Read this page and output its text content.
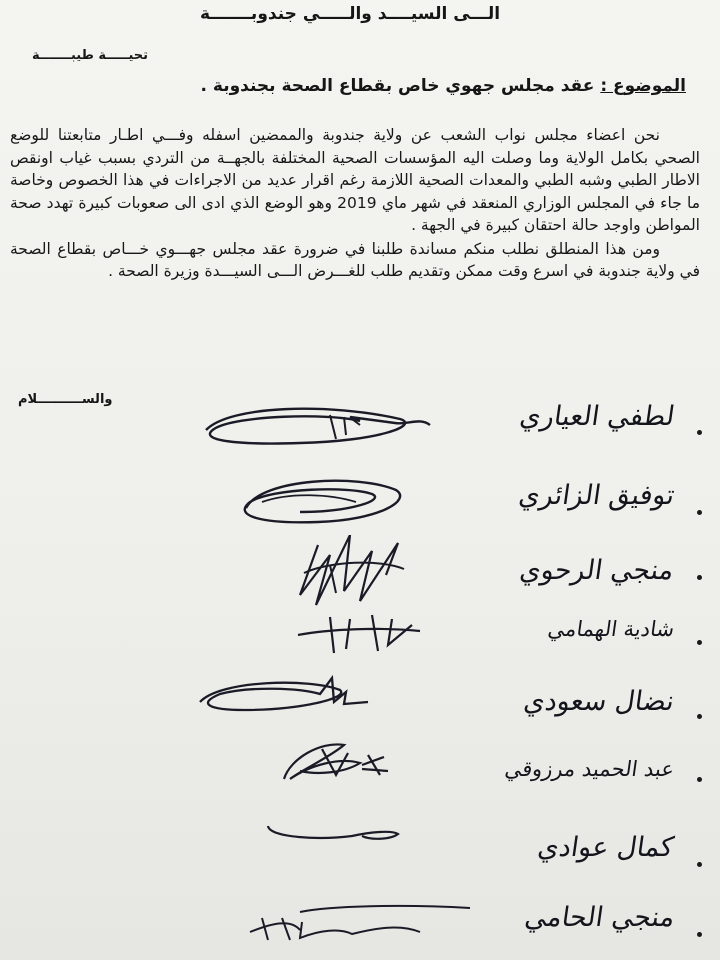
الـــى السيــــد والـــــي جندوبـــــــة
تحيـــــة طيبـــــــة
الموضوع : عقد مجلس جهوي خاص بقطاع الصحة بجندوبة .

نحن اعضاء مجلس نواب الشعب عن ولاية جندوبة والممضين اسفله وفـــي اطـار متابعتنا للوضع الصحي بكامل الولاية وما وصلت اليه المؤسسات الصحية المختلفة بالجهــة من التردي بسبب غياب اونقص الاطار الطبي وشبه الطبي والمعدات الصحية اللازمة رغم اقرار عديد من الاجراءات في هذا الخصوص وخاصة ما جاء في المجلس الوزاري المنعقد في شهر ماي 2019 وهو الوضع الذي ادى الى صعوبات كبيرة تهدد صحة المواطن واوجد حالة احتقان كبيرة في الجهة .

ومن هذا المنطلق نطلب منكم مساندة طلبنا في ضرورة عقد مجلس جهـــوي خـــاص بقطاع الصحة في ولاية جندوبة في اسرع وقت ممكن وتقديم طلب للغـــرض الـــى السيـــدة وزيرة الصحة .

والســــــــــلام
لطفي العياري
توفيق الزائري
منجي الرحوي
شادية الهمامي
نضال سعودي
عبد الحميد مرزوقي
كمال عوادي
منجي الحامي
